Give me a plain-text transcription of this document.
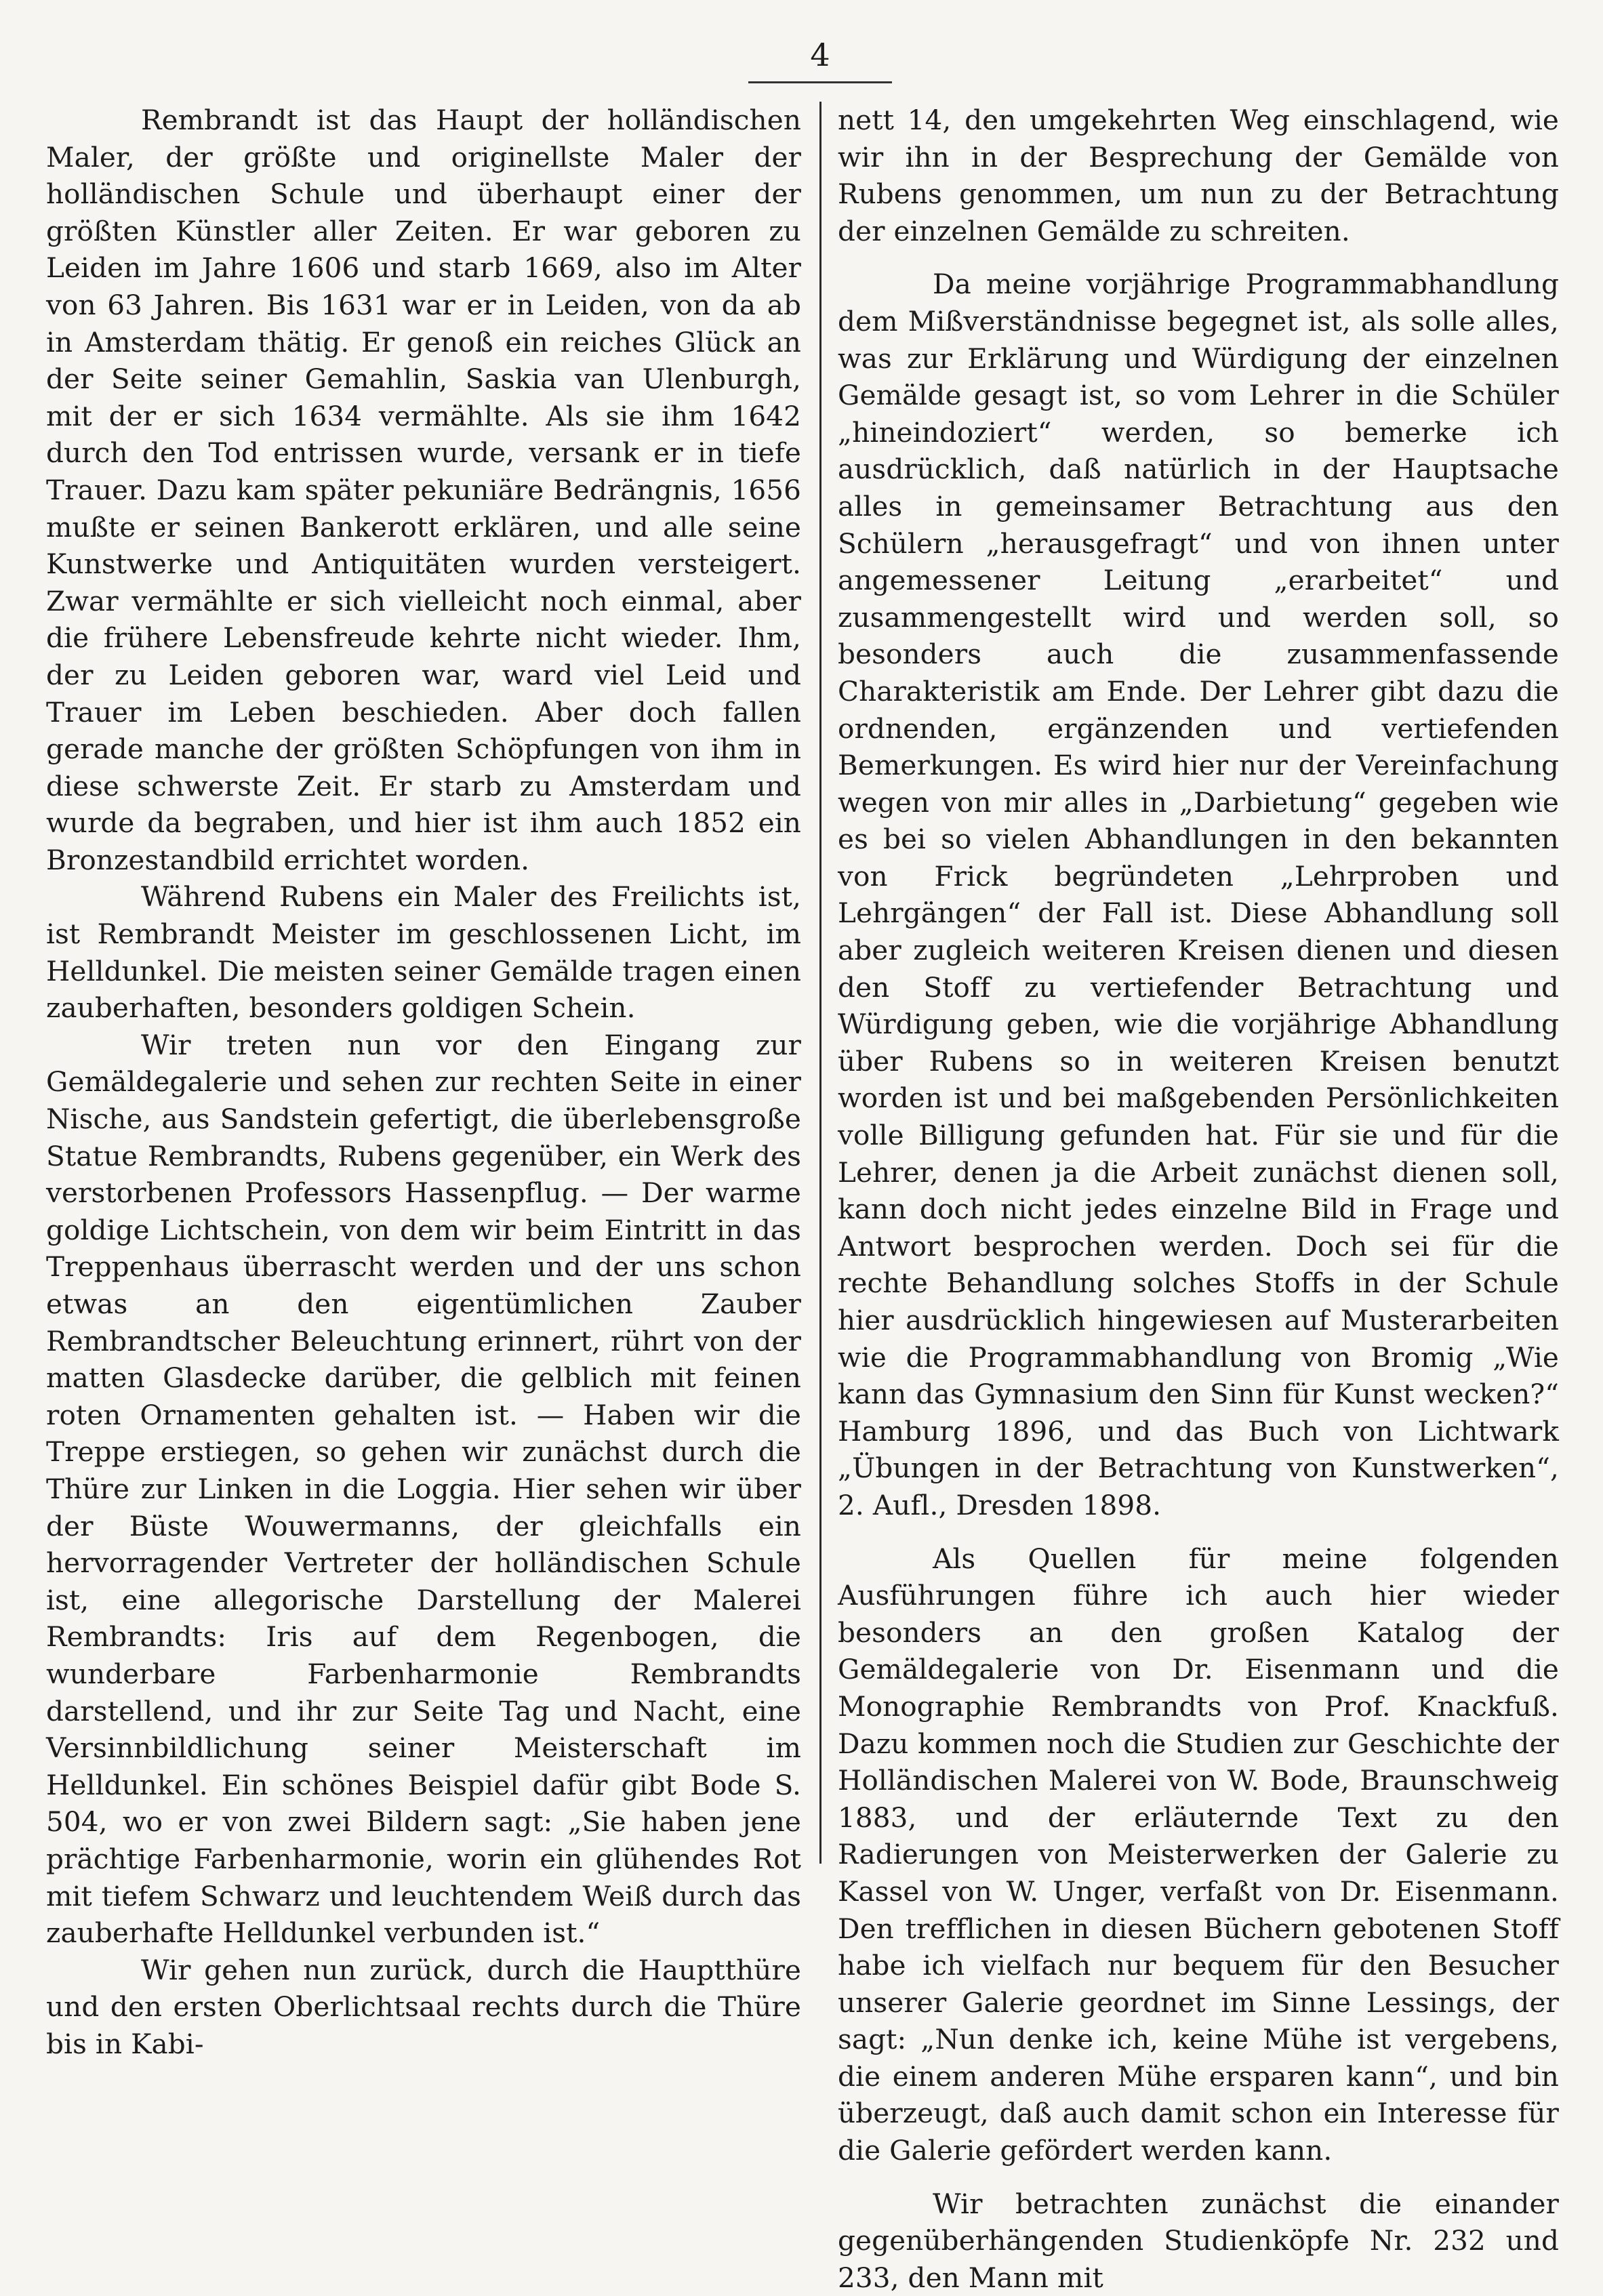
4

Rembrandt ist das Haupt der holländischen Maler, der größte und originellste Maler der holländischen Schule und überhaupt einer der größten Künstler aller Zeiten. Er war geboren zu Leiden im Jahre 1606 und starb 1669, also im Alter von 63 Jahren. Bis 1631 war er in Leiden, von da ab in Amsterdam thätig. Er genoß ein reiches Glück an der Seite seiner Gemahlin, Saskia van Ulenburgh, mit der er sich 1634 vermählte. Als sie ihm 1642 durch den Tod entrissen wurde, versank er in tiefe Trauer. Dazu kam später pekuniäre Bedrängnis, 1656 mußte er seinen Bankerott erklären, und alle seine Kunstwerke und Antiquitäten wurden versteigert. Zwar vermählte er sich vielleicht noch einmal, aber die frühere Lebensfreude kehrte nicht wieder. Ihm, der zu Leiden geboren war, ward viel Leid und Trauer im Leben beschieden. Aber doch fallen gerade manche der größten Schöpfungen von ihm in diese schwerste Zeit. Er starb zu Amsterdam und wurde da begraben, und hier ist ihm auch 1852 ein Bronzestandbild errichtet worden.

Während Rubens ein Maler des Freilichts ist, ist Rembrandt Meister im geschlossenen Licht, im Helldunkel. Die meisten seiner Gemälde tragen einen zauberhaften, besonders goldigen Schein.

Wir treten nun vor den Eingang zur Gemäldegalerie und sehen zur rechten Seite in einer Nische, aus Sandstein gefertigt, die überlebensgroße Statue Rembrandts, Rubens gegenüber, ein Werk des verstorbenen Professors Hassenpflug. — Der warme goldige Lichtschein, von dem wir beim Eintritt in das Treppenhaus überrascht werden und der uns schon etwas an den eigentümlichen Zauber Rembrandtscher Beleuchtung erinnert, rührt von der matten Glasdecke darüber, die gelblich mit feinen roten Ornamenten gehalten ist. — Haben wir die Treppe erstiegen, so gehen wir zunächst durch die Thüre zur Linken in die Loggia. Hier sehen wir über der Büste Wouwermanns, der gleichfalls ein hervorragender Vertreter der holländischen Schule ist, eine allegorische Darstellung der Malerei Rembrandts: Iris auf dem Regenbogen, die wunderbare Farbenharmonie Rembrandts darstellend, und ihr zur Seite Tag und Nacht, eine Versinnbildlichung seiner Meisterschaft im Helldunkel. Ein schönes Beispiel dafür gibt Bode S. 504, wo er von zwei Bildern sagt: „Sie haben jene prächtige Farbenharmonie, worin ein glühendes Rot mit tiefem Schwarz und leuchtendem Weiß durch das zauberhafte Helldunkel verbunden ist.“

Wir gehen nun zurück, durch die Hauptthüre und den ersten Oberlichtsaal rechts durch die Thüre bis in Kabi-

nett 14, den umgekehrten Weg einschlagend, wie wir ihn in der Besprechung der Gemälde von Rubens genommen, um nun zu der Betrachtung der einzelnen Gemälde zu schreiten.

Da meine vorjährige Programmabhandlung dem Mißverständnisse begegnet ist, als solle alles, was zur Erklärung und Würdigung der einzelnen Gemälde gesagt ist, so vom Lehrer in die Schüler „hineindoziert“ werden, so bemerke ich ausdrücklich, daß natürlich in der Hauptsache alles in gemeinsamer Betrachtung aus den Schülern „herausgefragt“ und von ihnen unter angemessener Leitung „erarbeitet“ und zusammengestellt wird und werden soll, so besonders auch die zusammenfassende Charakteristik am Ende. Der Lehrer gibt dazu die ordnenden, ergänzenden und vertiefenden Bemerkungen. Es wird hier nur der Vereinfachung wegen von mir alles in „Darbietung“ gegeben wie es bei so vielen Abhandlungen in den bekannten von Frick begründeten „Lehrproben und Lehrgängen“ der Fall ist. Diese Abhandlung soll aber zugleich weiteren Kreisen dienen und diesen den Stoff zu vertiefender Betrachtung und Würdigung geben, wie die vorjährige Abhandlung über Rubens so in weiteren Kreisen benutzt worden ist und bei maßgebenden Persönlichkeiten volle Billigung gefunden hat. Für sie und für die Lehrer, denen ja die Arbeit zunächst dienen soll, kann doch nicht jedes einzelne Bild in Frage und Antwort besprochen werden. Doch sei für die rechte Behandlung solches Stoffs in der Schule hier ausdrücklich hingewiesen auf Musterarbeiten wie die Programmabhandlung von Bromig „Wie kann das Gymnasium den Sinn für Kunst wecken?“ Hamburg 1896, und das Buch von Lichtwark „Übungen in der Betrachtung von Kunstwerken“, 2. Aufl., Dresden 1898.

Als Quellen für meine folgenden Ausführungen führe ich auch hier wieder besonders an den großen Katalog der Gemäldegalerie von Dr. Eisenmann und die Monographie Rembrandts von Prof. Knackfuß. Dazu kommen noch die Studien zur Geschichte der Holländischen Malerei von W. Bode, Braunschweig 1883, und der erläuternde Text zu den Radierungen von Meisterwerken der Galerie zu Kassel von W. Unger, verfaßt von Dr. Eisenmann. Den trefflichen in diesen Büchern gebotenen Stoff habe ich vielfach nur bequem für den Besucher unserer Galerie geordnet im Sinne Lessings, der sagt: „Nun denke ich, keine Mühe ist vergebens, die einem anderen Mühe ersparen kann“, und bin überzeugt, daß auch damit schon ein Interesse für die Galerie gefördert werden kann.

Wir betrachten zunächst die einander gegenüberhängenden Studienköpfe Nr. 232 und 233, den Mann mit
